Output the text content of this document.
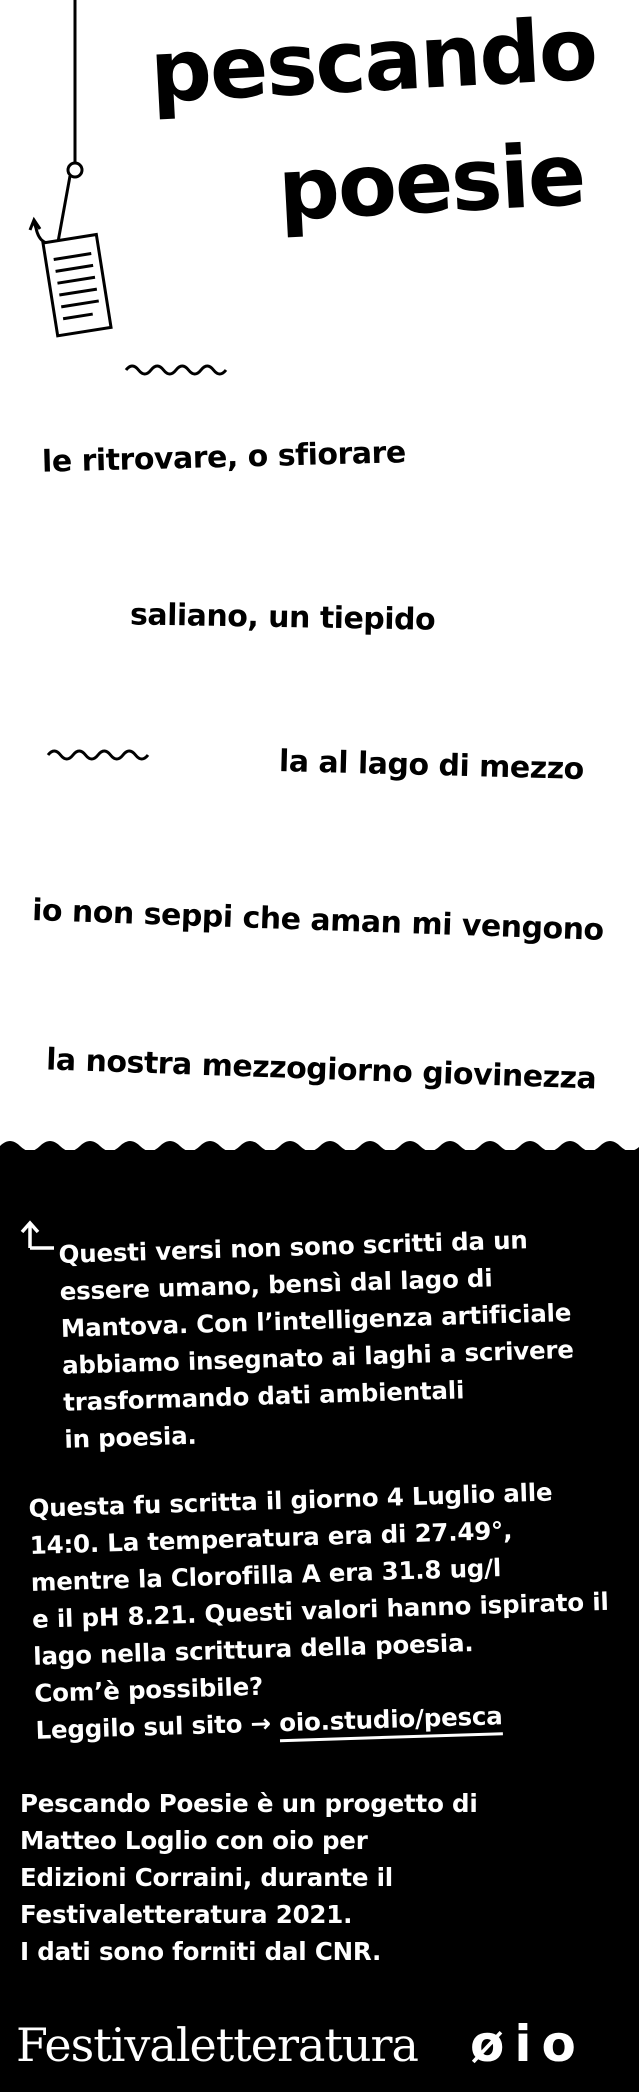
pescando
poesie
le ritrovare, o sfiorare
saliano, un tiepido
la al lago di mezzo
io non seppi che aman mi vengono
la nostra mezzogiorno giovinezza
Questi versi non sono scritti da un
essere umano, bensì dal lago di
Mantova. Con l’intelligenza artificiale
abbiamo insegnato ai laghi a scrivere
trasformando dati ambientali
in poesia.
Questa fu scritta il giorno 4 Luglio alle
14:0. La temperatura era di 27.49°,
mentre la Clorofilla A era 31.8 ug/l
e il pH 8.21. Questi valori hanno ispirato il
lago nella scrittura della poesia.
Com’è possibile?
Leggilo sul sito → oio.studio/pesca
Pescando Poesie è un progetto di
Matteo Loglio con oio per
Edizioni Corraini, durante il
Festivaletteratura 2021.
I dati sono forniti dal CNR.
Festivaletteratura øio
